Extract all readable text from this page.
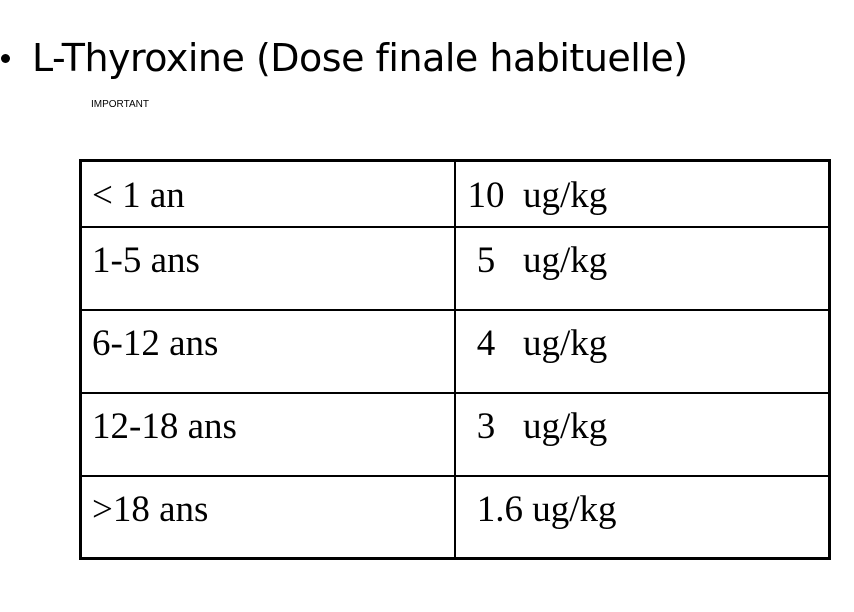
L-Thyroxine (Dose finale habituelle)
IMPORTANT
< 1 an	10  ug/kg
1-5 ans	5   ug/kg
6-12 ans	4   ug/kg
12-18 ans	3   ug/kg
>18 ans	1.6 ug/kg
